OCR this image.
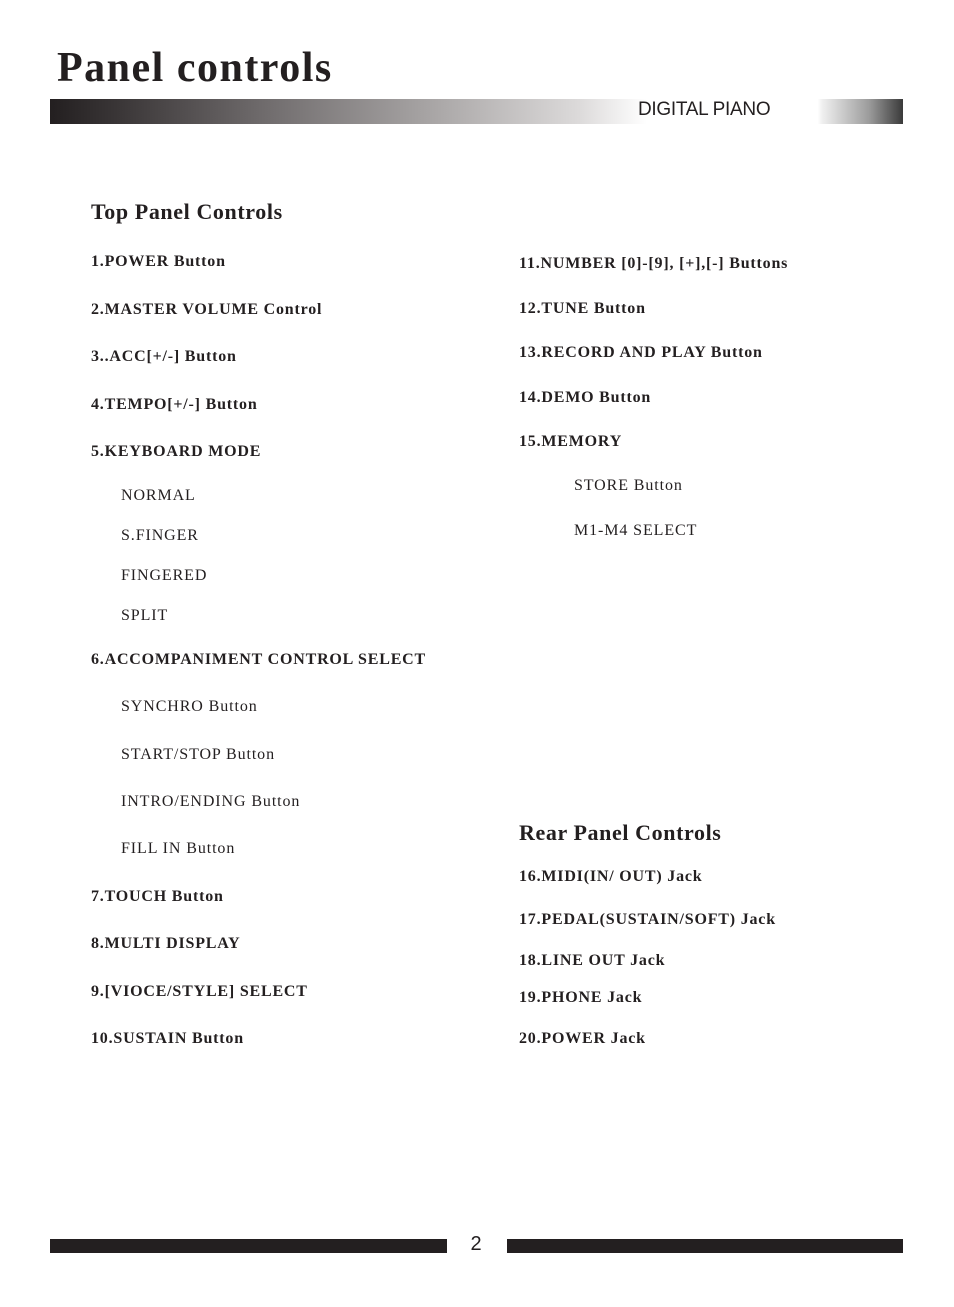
Panel controls
DIGITAL PIANO
Top Panel Controls
1.POWER Button
2.MASTER VOLUME Control
3..ACC[+/-] Button
4.TEMPO[+/-] Button
5.KEYBOARD MODE
NORMAL
S.FINGER
FINGERED
SPLIT
6.ACCOMPANIMENT CONTROL SELECT
SYNCHRO Button
START/STOP Button
INTRO/ENDING Button
FILL IN Button
7.TOUCH Button
8.MULTI DISPLAY
9.[VIOCE/STYLE] SELECT
10.SUSTAIN Button
11.NUMBER [0]-[9], [+],[-] Buttons
12.TUNE Button
13.RECORD AND PLAY Button
14.DEMO Button
15.MEMORY
STORE Button
M1-M4 SELECT
Rear Panel Controls
16.MIDI(IN/ OUT) Jack
17.PEDAL(SUSTAIN/SOFT) Jack
18.LINE OUT Jack
19.PHONE Jack
20.POWER Jack
2
